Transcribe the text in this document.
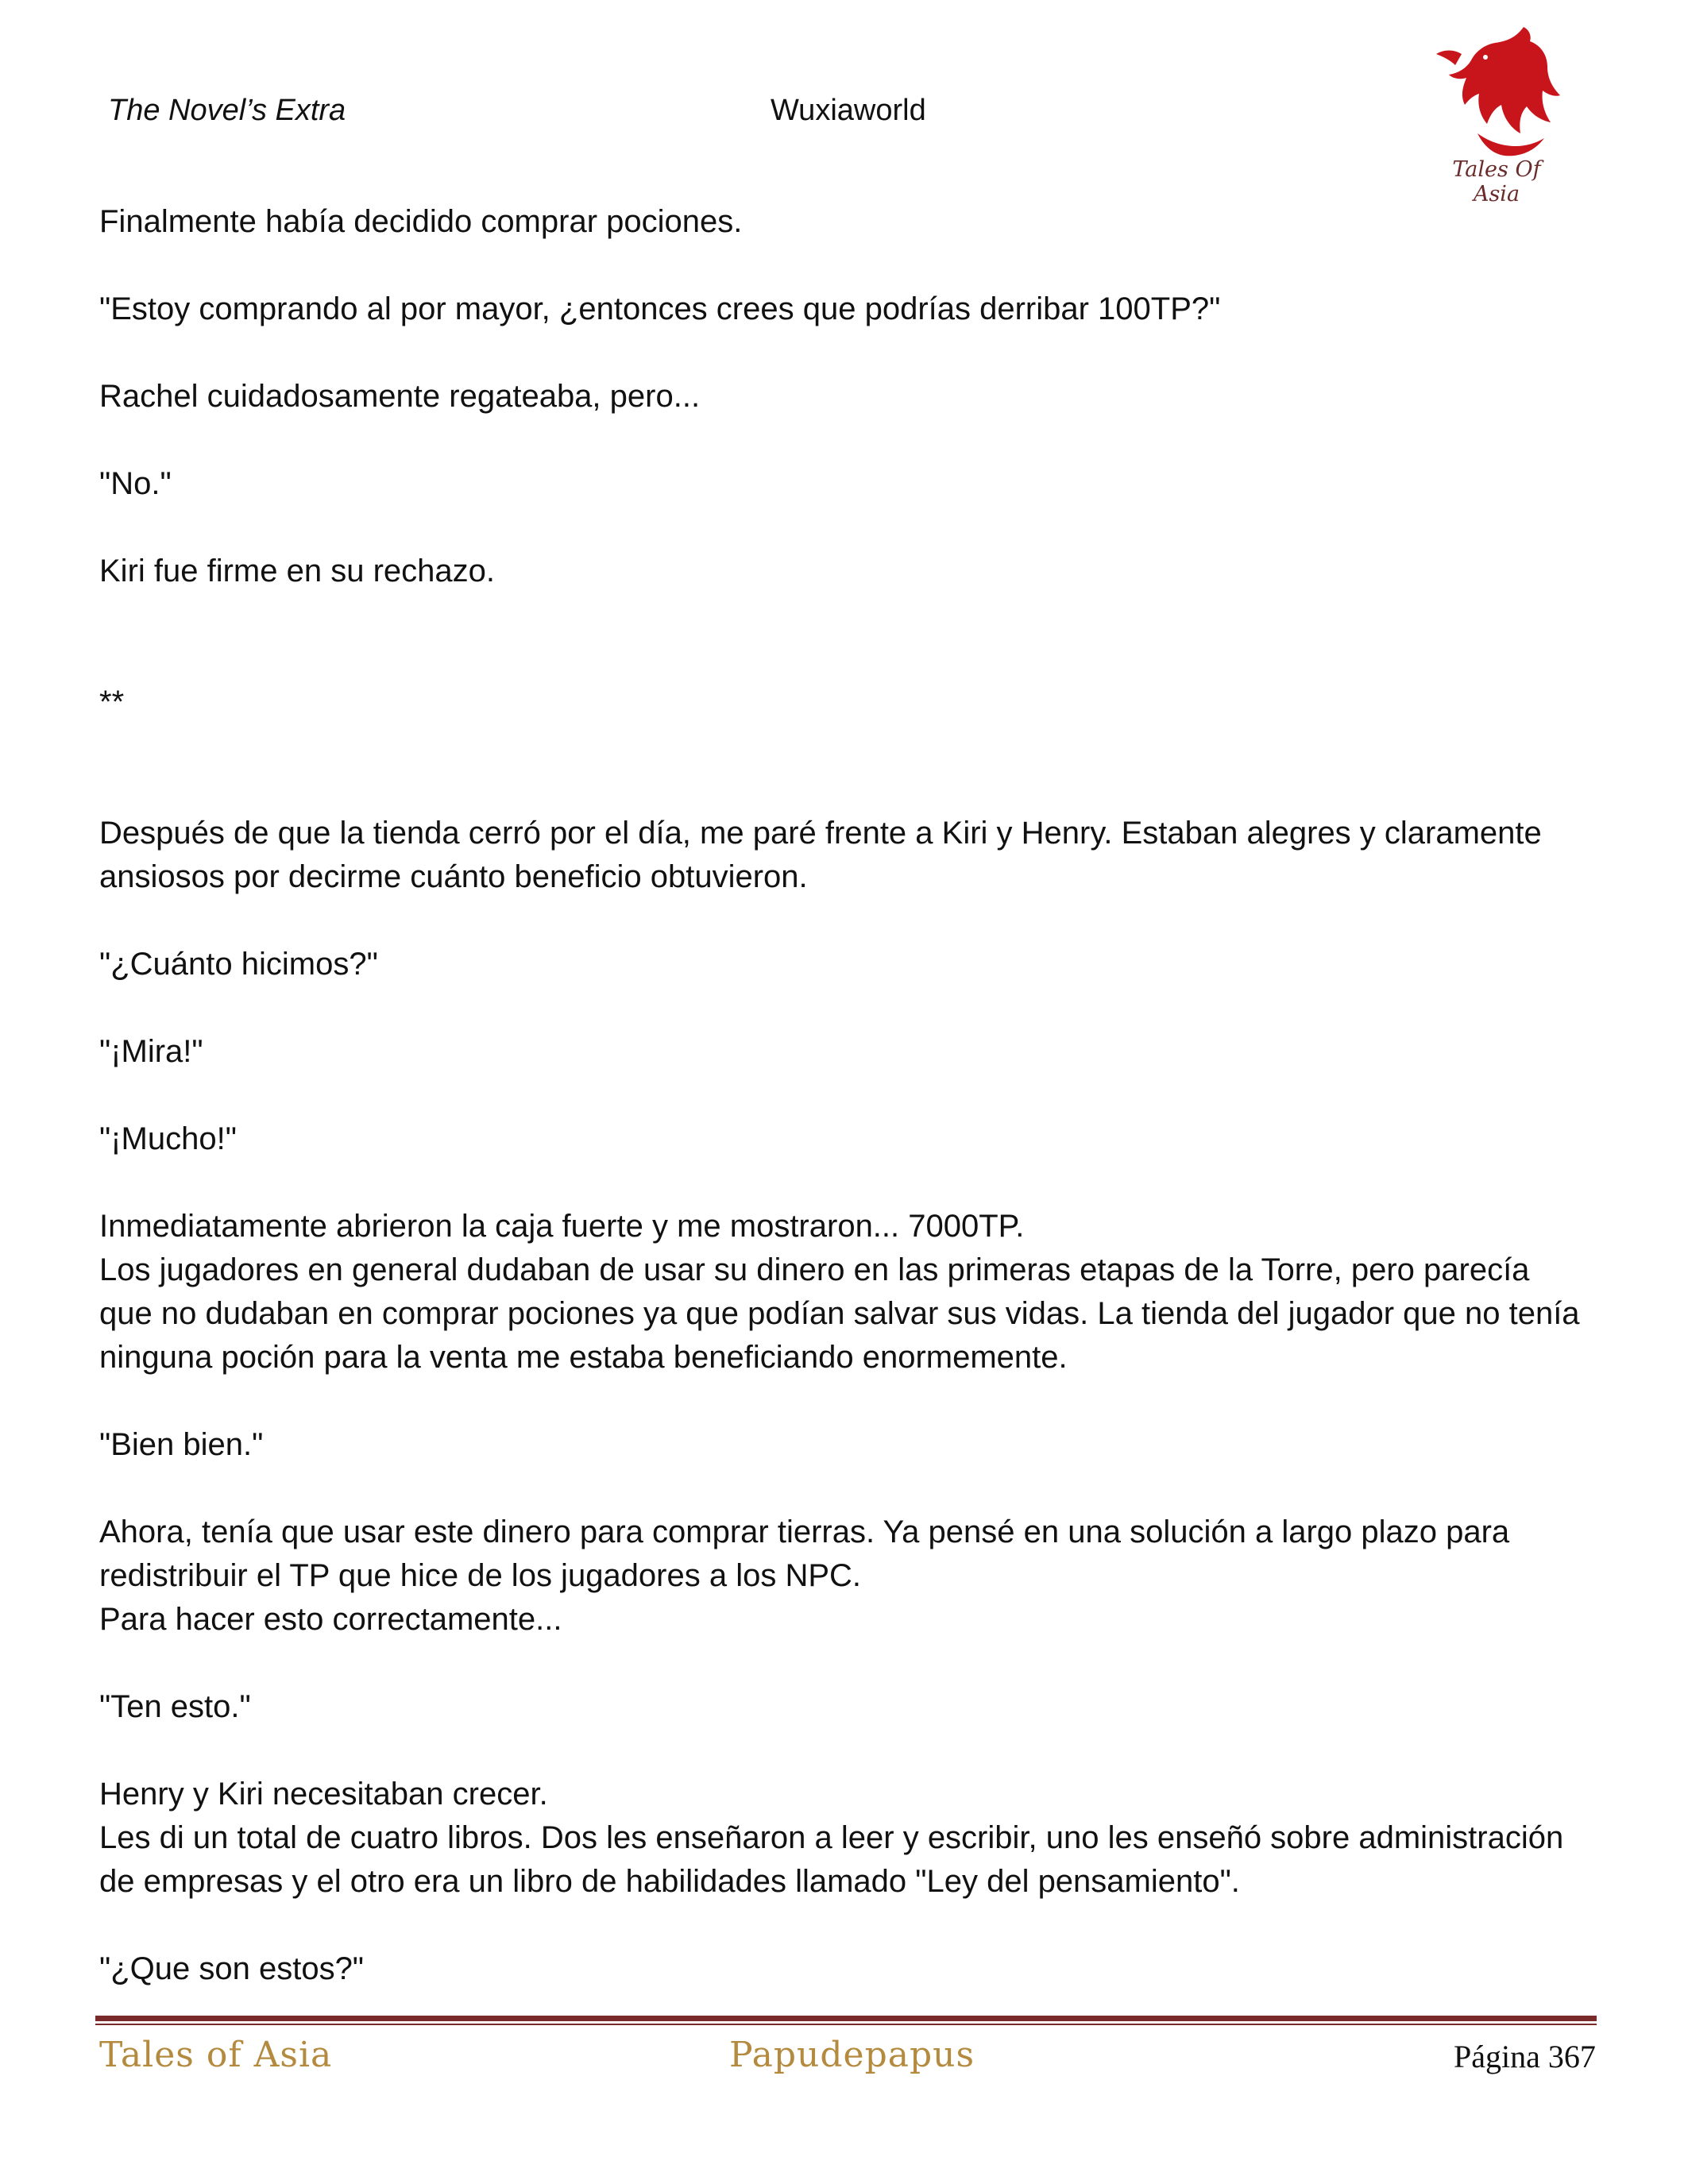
The Novel’s Extra	Wuxiaworld
Tales Of Asia

Finalmente había decidido comprar pociones.

"Estoy comprando al por mayor, ¿entonces crees que podrías derribar 100TP?"

Rachel cuidadosamente regateaba, pero...

"No."

Kiri fue firme en su rechazo.

**

Después de que la tienda cerró por el día, me paré frente a Kiri y Henry. Estaban alegres y claramente ansiosos por decirme cuánto beneficio obtuvieron.

"¿Cuánto hicimos?"

"¡Mira!"

"¡Mucho!"

Inmediatamente abrieron la caja fuerte y me mostraron... 7000TP.

Los jugadores en general dudaban de usar su dinero en las primeras etapas de la Torre, pero parecía que no dudaban en comprar pociones ya que podían salvar sus vidas. La tienda del jugador que no tenía ninguna poción para la venta me estaba beneficiando enormemente.

"Bien bien."

Ahora, tenía que usar este dinero para comprar tierras. Ya pensé en una solución a largo plazo para redistribuir el TP que hice de los jugadores a los NPC.

Para hacer esto correctamente...

"Ten esto."

Henry y Kiri necesitaban crecer.

Les di un total de cuatro libros. Dos les enseñaron a leer y escribir, uno les enseñó sobre administración de empresas y el otro era un libro de habilidades llamado "Ley del pensamiento".

"¿Que son estos?"

Tales of Asia	Papudepapus	Página 367
